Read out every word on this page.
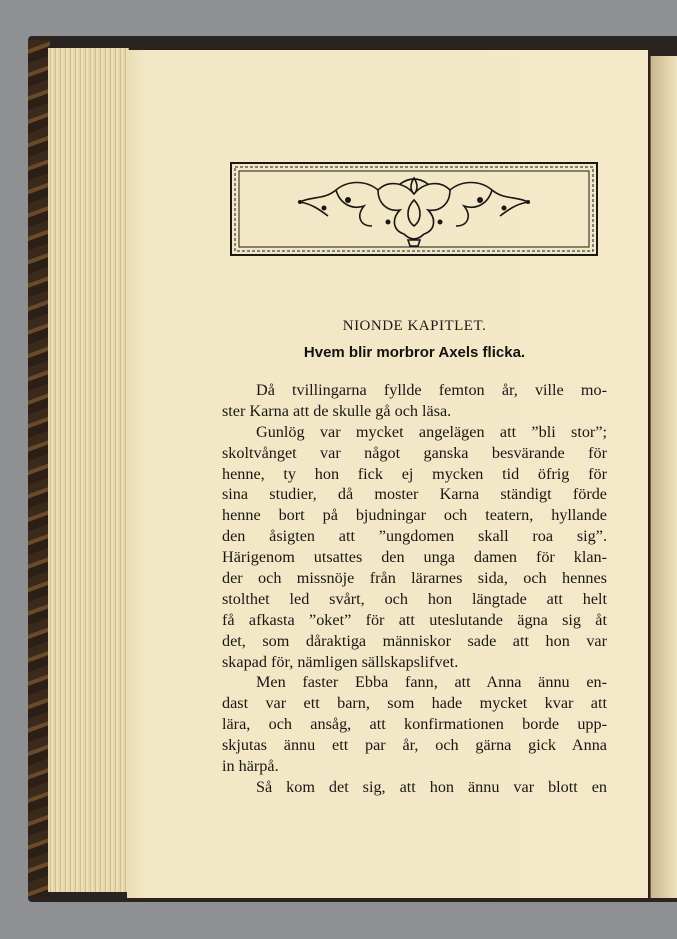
NIONDE KAPITLET.
Hvem blir morbror Axels flicka.
Då tvillingarna fyllde femton år, ville mo-
ster Karna att de skulle gå och läsa.
Gunlög var mycket angelägen att ”bli stor”;
skoltvånget var något ganska besvärande för
henne, ty hon fick ej mycken tid öfrig för
sina studier, då moster Karna ständigt förde
henne bort på bjudningar och teatern, hyllande
den åsigten att ”ungdomen skall roa sig”.
Härigenom utsattes den unga damen för klan-
der och missnöje från lärarnes sida, och hennes
stolthet led svårt, och hon längtade att helt
få afkasta ”oket” för att uteslutande ägna sig åt
det, som dåraktiga människor sade att hon var
skapad för, nämligen sällskapslifvet.
Men faster Ebba fann, att Anna ännu en-
dast var ett barn, som hade mycket kvar att
lära, och ansåg, att konfirmationen borde upp-
skjutas ännu ett par år, och gärna gick Anna
in härpå.
Så kom det sig, att hon ännu var blott en
